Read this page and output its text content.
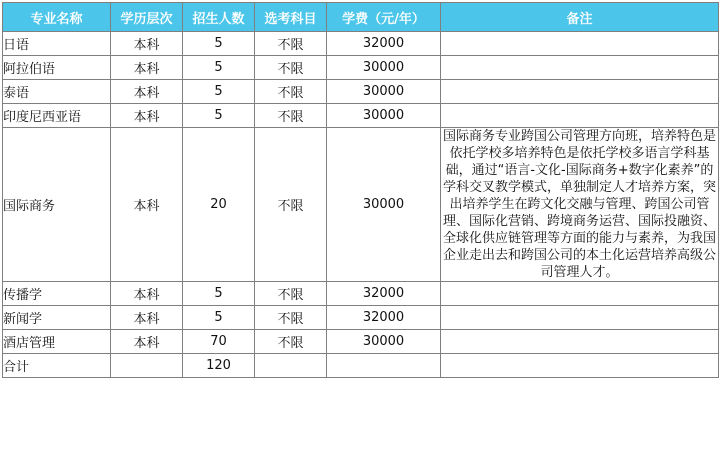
专业名称	学历层次	招生人数	选考科目	学费（元/年）	备注
日语	本科	5	不限	32000	
阿拉伯语	本科	5	不限	30000	
泰语	本科	5	不限	30000	
印度尼西亚语	本科	5	不限	30000	
国际商务	本科	20	不限	30000	国际商务专业跨国公司管理方向班，培养特色是依托学校多培养特色是依托学校多语言学科基础，通过“语言-文化-国际商务+数字化素养”的学科交叉教学模式，单独制定人才培养方案，突出培养学生在跨文化交融与管理、跨国公司管理、国际化营销、跨境商务运营、国际投融资、全球化供应链管理等方面的能力与素养，为我国企业走出去和跨国公司的本土化运营培养高级公司管理人才。
传播学	本科	5	不限	32000	
新闻学	本科	5	不限	32000	
酒店管理	本科	70	不限	30000	
合计		120			
